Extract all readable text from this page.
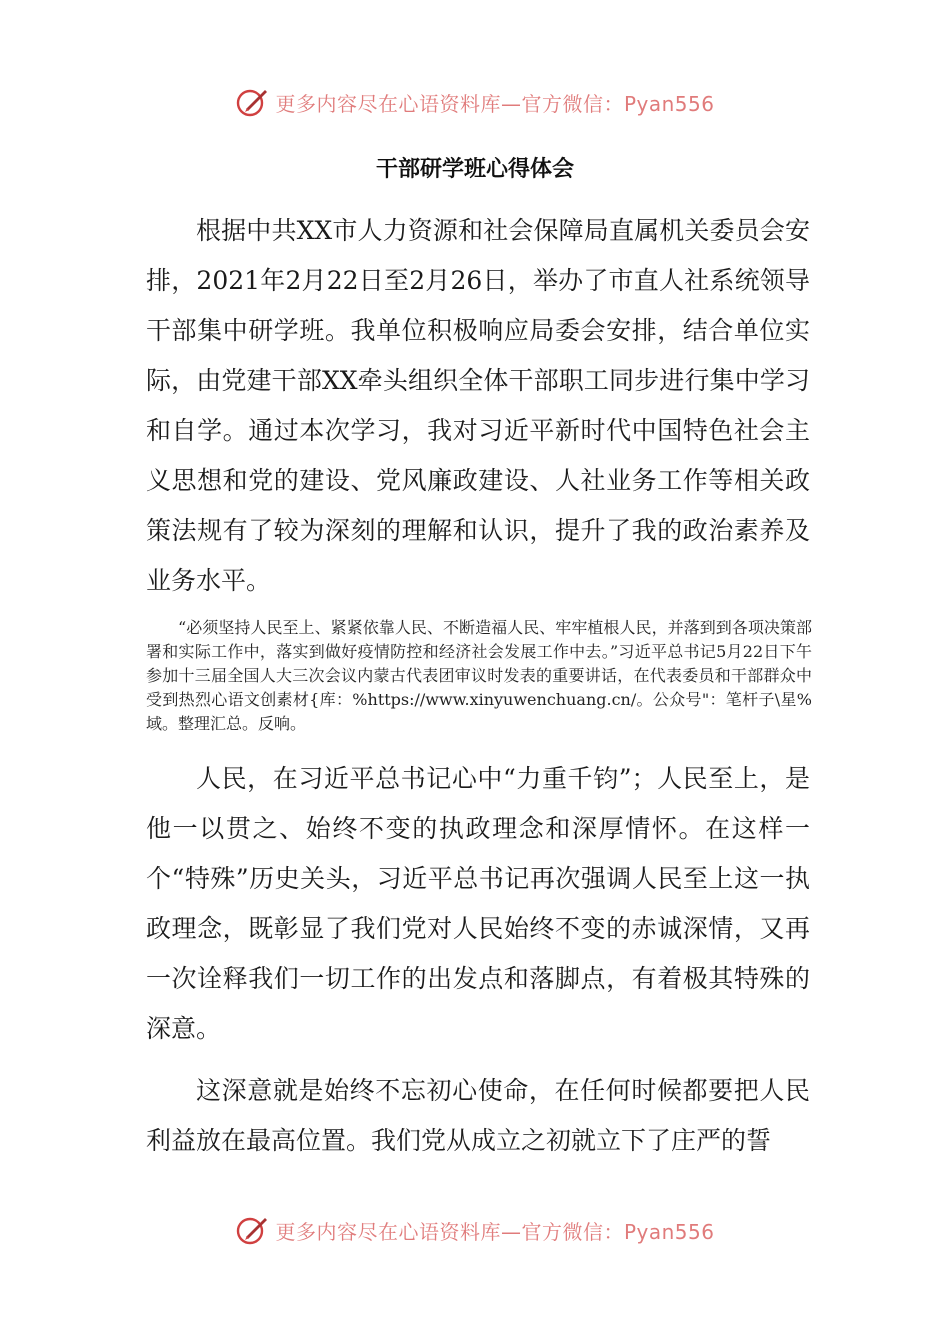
更多内容尽在心语资料库—官方微信：Pyan556
干部研学班心得体会

根据中共XX市人力资源和社会保障局直属机关委员会安排，2021年2月22日至2月26日，举办了市直人社系统领导干部集中研学班。我单位积极响应局委会安排，结合单位实际，由党建干部XX牵头组织全体干部职工同步进行集中学习和自学。通过本次学习，我对习近平新时代中国特色社会主义思想和党的建设、党风廉政建设、人社业务工作等相关政策法规有了较为深刻的理解和认识，提升了我的政治素养及业务水平。

“必须坚持人民至上、紧紧依靠人民、不断造福人民、牢牢植根人民，并落到到各项决策部署和实际工作中，落实到做好疫情防控和经济社会发展工作中去。”习近平总书记5月22日下午参加十三届全国人大三次会议内蒙古代表团审议时发表的重要讲话，在代表委员和干部群众中受到热烈心语文创素材{库：%https://www.xinyuwenchuang.cn/。公众号"：笔杆子\星%域。整理汇总。反响。

人民，在习近平总书记心中“力重千钧”；人民至上，是他一以贯之、始终不变的执政理念和深厚情怀。在这样一个“特殊”历史关头，习近平总书记再次强调人民至上这一执政理念，既彰显了我们党对人民始终不变的赤诚深情，又再一次诠释我们一切工作的出发点和落脚点，有着极其特殊的深意。

这深意就是始终不忘初心使命，在任何时候都要把人民利益放在最高位置。我们党从成立之初就立下了庄严的誓

更多内容尽在心语资料库—官方微信：Pyan556
